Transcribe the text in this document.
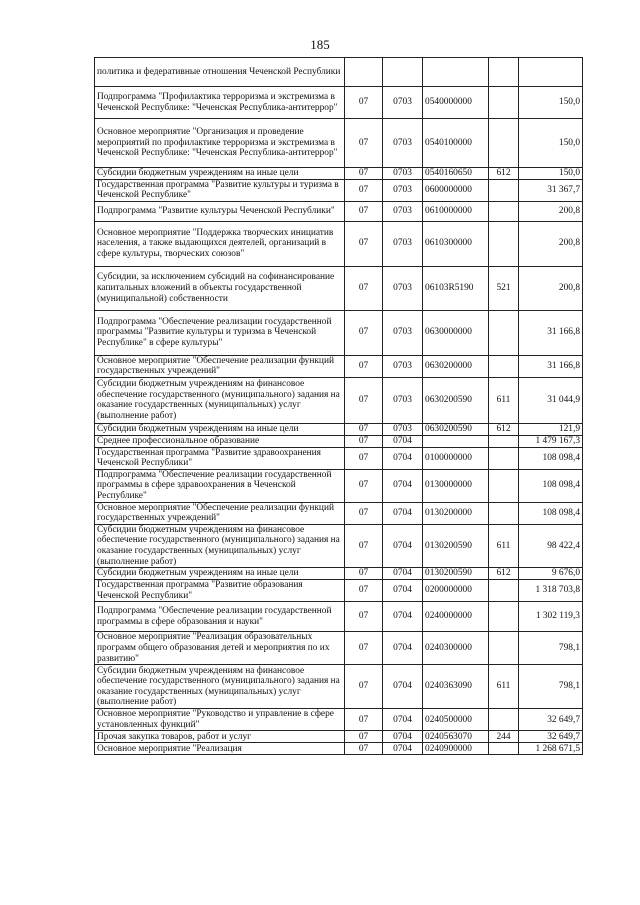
185
политика и федеративные отношения Чеченской Республики					
Подпрограмма "Профилактика терроризма и экстремизма в Чеченской Республике: "Чеченская Республика-антитеррор"	07	0703	0540000000		150,0
Основное мероприятие "Организация и проведение мероприятий по профилактике терроризма и экстремизма в Чеченской Республике: "Чеченская Республика-антитеррор"	07	0703	0540100000		150,0
Субсидии бюджетным учреждениям на иные цели	07	0703	0540160650	612	150,0
Государственная программа "Развитие культуры и туризма в Чеченской Республике"	07	0703	0600000000		31 367,7
Подпрограмма "Развитие культуры Чеченской Республики"	07	0703	0610000000		200,8
Основное мероприятие "Поддержка творческих инициатив населения, а также выдающихся деятелей, организаций в сфере культуры, творческих союзов"	07	0703	0610300000		200,8
Субсидии, за исключением субсидий на софинансирование капитальных вложений в объекты государственной (муниципальной) собственности	07	0703	06103R5190	521	200,8
Подпрограмма "Обеспечение реализации государственной программы "Развитие культуры и туризма в Чеченской Республике" в сфере культуры"	07	0703	0630000000		31 166,8
Основное мероприятие "Обеспечение реализации функций государственных учреждений"	07	0703	0630200000		31 166,8
Субсидии бюджетным учреждениям на финансовое обеспечение государственного (муниципального) задания на оказание государственных (муниципальных) услуг (выполнение работ)	07	0703	0630200590	611	31 044,9
Субсидии бюджетным учреждениям на иные цели	07	0703	0630200590	612	121,9
Среднее профессиональное образование	07	0704			1 479 167,3
Государственная программа "Развитие здравоохранения Чеченской Республики"	07	0704	0100000000		108 098,4
Подпрограмма "Обеспечение реализации государственной программы в сфере здравоохранения в Чеченской Республике"	07	0704	0130000000		108 098,4
Основное мероприятие "Обеспечение реализации функций государственных учреждений"	07	0704	0130200000		108 098,4
Субсидии бюджетным учреждениям на финансовое обеспечение государственного (муниципального) задания на оказание государственных (муниципальных) услуг (выполнение работ)	07	0704	0130200590	611	98 422,4
Субсидии бюджетным учреждениям на иные цели	07	0704	0130200590	612	9 676,0
Государственная программа "Развитие образования Чеченской Республики"	07	0704	0200000000		1 318 703,8
Подпрограмма "Обеспечение реализации государственной программы в сфере образования и науки"	07	0704	0240000000		1 302 119,3
Основное мероприятие "Реализация образовательных программ общего образования детей и мероприятия по их развитию"	07	0704	0240300000		798,1
Субсидии бюджетным учреждениям на финансовое обеспечение государственного (муниципального) задания на оказание государственных (муниципальных) услуг (выполнение работ)	07	0704	0240363090	611	798,1
Основное мероприятие "Руководство и управление в сфере установленных функций"	07	0704	0240500000		32 649,7
Прочая закупка товаров, работ и услуг	07	0704	0240563070	244	32 649,7
Основное мероприятие "Реализация	07	0704	0240900000		1 268 671,5
